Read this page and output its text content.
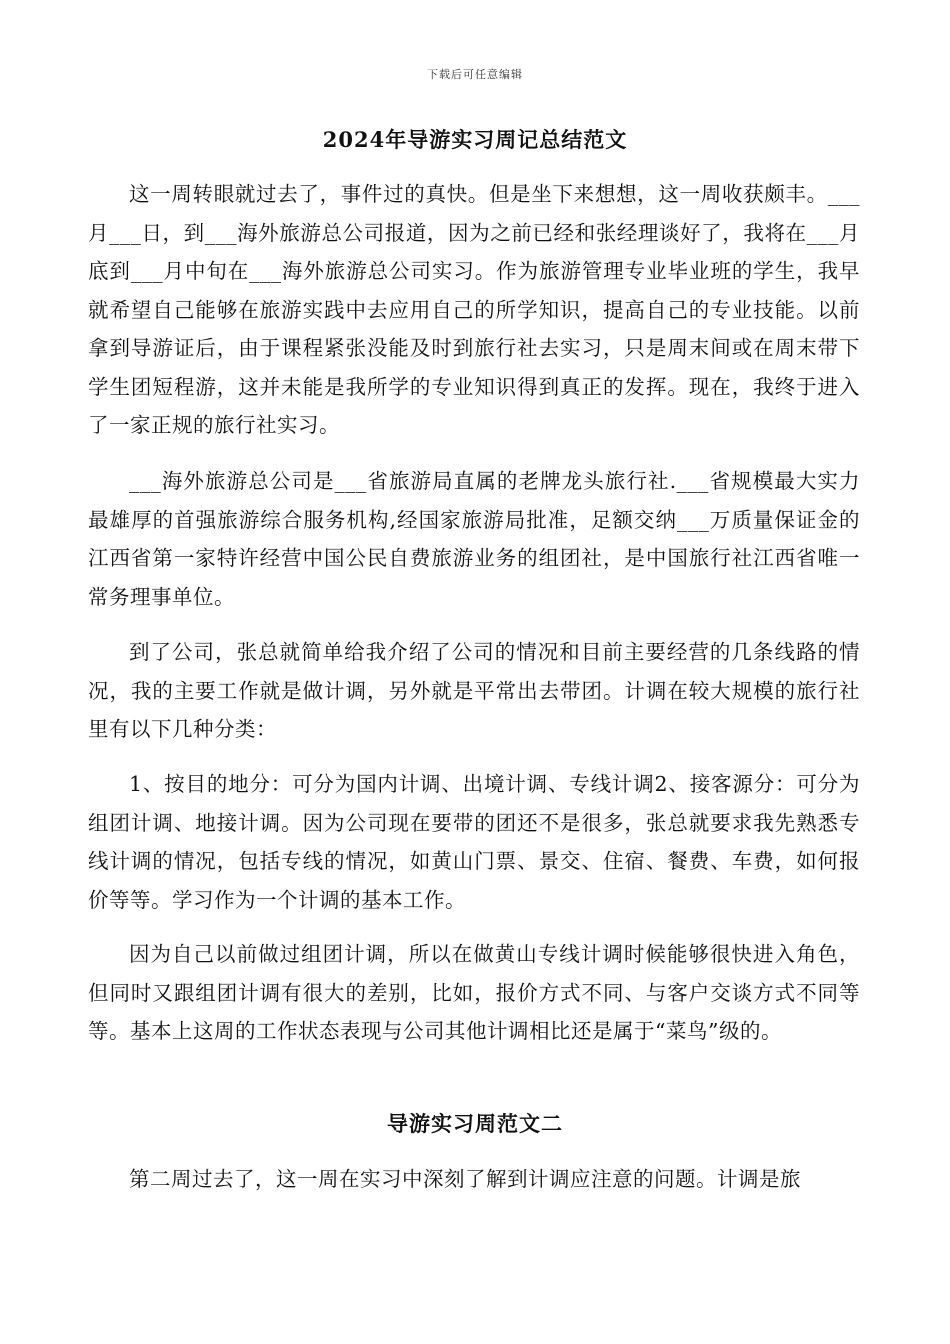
下载后可任意编辑
2024年导游实习周记总结范文

这一周转眼就过去了，事件过的真快。但是坐下来想想，这一周收获颇丰。___月___日，到___海外旅游总公司报道，因为之前已经和张经理谈好了，我将在___月底到___月中旬在___海外旅游总公司实习。作为旅游管理专业毕业班的学生，我早就希望自己能够在旅游实践中去应用自己的所学知识，提高自己的专业技能。以前拿到导游证后，由于课程紧张没能及时到旅行社去实习，只是周末间或在周末带下学生团短程游，这并未能是我所学的专业知识得到真正的发挥。现在，我终于进入了一家正规的旅行社实习。

___海外旅游总公司是___省旅游局直属的老牌龙头旅行社.___省规模最大实力最雄厚的首强旅游综合服务机构,经国家旅游局批准，足额交纳___万质量保证金的江西省第一家特许经营中国公民自费旅游业务的组团社，是中国旅行社江西省唯一常务理事单位。

到了公司，张总就简单给我介绍了公司的情况和目前主要经营的几条线路的情况，我的主要工作就是做计调，另外就是平常出去带团。计调在较大规模的旅行社里有以下几种分类：

1、按目的地分：可分为国内计调、出境计调、专线计调2、接客源分：可分为组团计调、地接计调。因为公司现在要带的团还不是很多，张总就要求我先熟悉专线计调的情况，包括专线的情况，如黄山门票、景交、住宿、餐费、车费，如何报价等等。学习作为一个计调的基本工作。

因为自己以前做过组团计调，所以在做黄山专线计调时候能够很快进入角色，但同时又跟组团计调有很大的差别，比如，报价方式不同、与客户交谈方式不同等等。基本上这周的工作状态表现与公司其他计调相比还是属于“菜鸟”级的。

导游实习周范文二

第二周过去了，这一周在实习中深刻了解到计调应注意的问题。计调是旅
